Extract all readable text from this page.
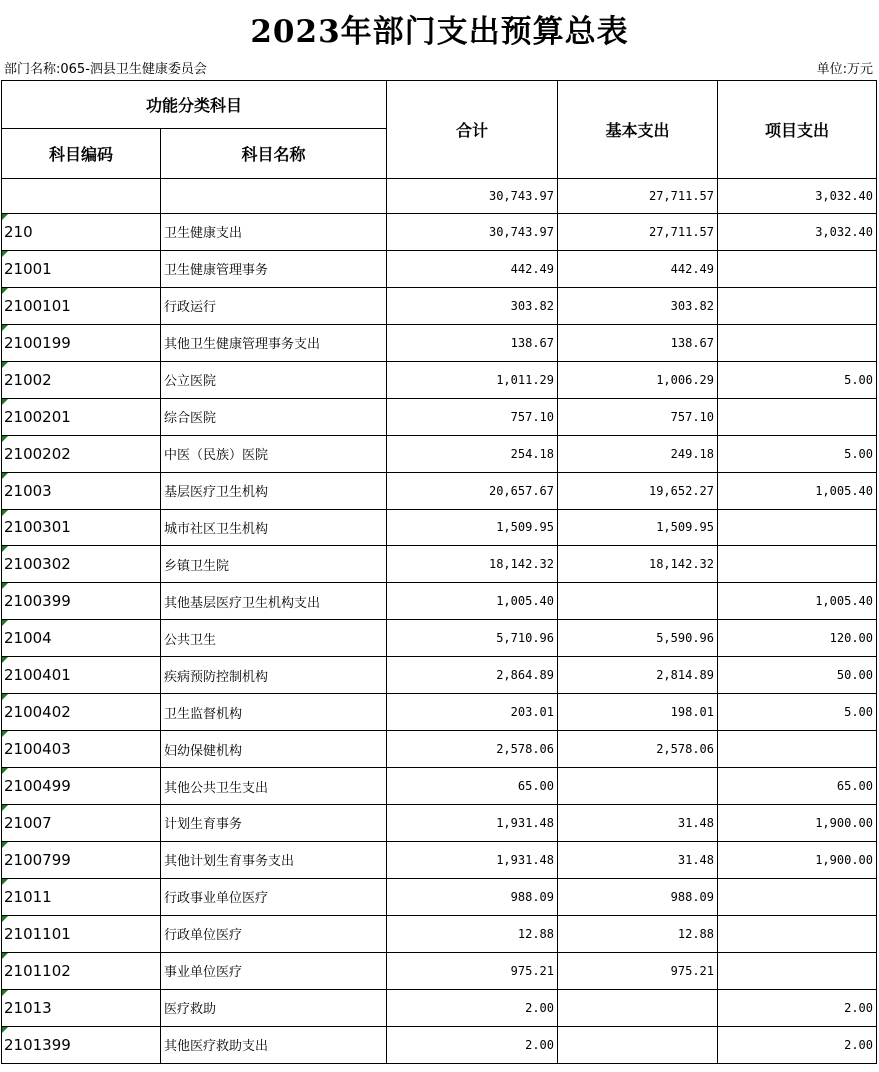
2023年部门支出预算总表
部门名称:065-泗县卫生健康委员会	单位:万元
功能分类科目		合计	基本支出	项目支出
科目编码	科目名称			
		30,743.97	27,711.57	3,032.40
210	卫生健康支出	30,743.97	27,711.57	3,032.40
21001	卫生健康管理事务	442.49	442.49	
2100101	行政运行	303.82	303.82	
2100199	其他卫生健康管理事务支出	138.67	138.67	
21002	公立医院	1,011.29	1,006.29	5.00
2100201	综合医院	757.10	757.10	
2100202	中医（民族）医院	254.18	249.18	5.00
21003	基层医疗卫生机构	20,657.67	19,652.27	1,005.40
2100301	城市社区卫生机构	1,509.95	1,509.95	
2100302	乡镇卫生院	18,142.32	18,142.32	
2100399	其他基层医疗卫生机构支出	1,005.40		1,005.40
21004	公共卫生	5,710.96	5,590.96	120.00
2100401	疾病预防控制机构	2,864.89	2,814.89	50.00
2100402	卫生监督机构	203.01	198.01	5.00
2100403	妇幼保健机构	2,578.06	2,578.06	
2100499	其他公共卫生支出	65.00		65.00
21007	计划生育事务	1,931.48	31.48	1,900.00
2100799	其他计划生育事务支出	1,931.48	31.48	1,900.00
21011	行政事业单位医疗	988.09	988.09	
2101101	行政单位医疗	12.88	12.88	
2101102	事业单位医疗	975.21	975.21	
21013	医疗救助	2.00		2.00
2101399	其他医疗救助支出	2.00		2.00
